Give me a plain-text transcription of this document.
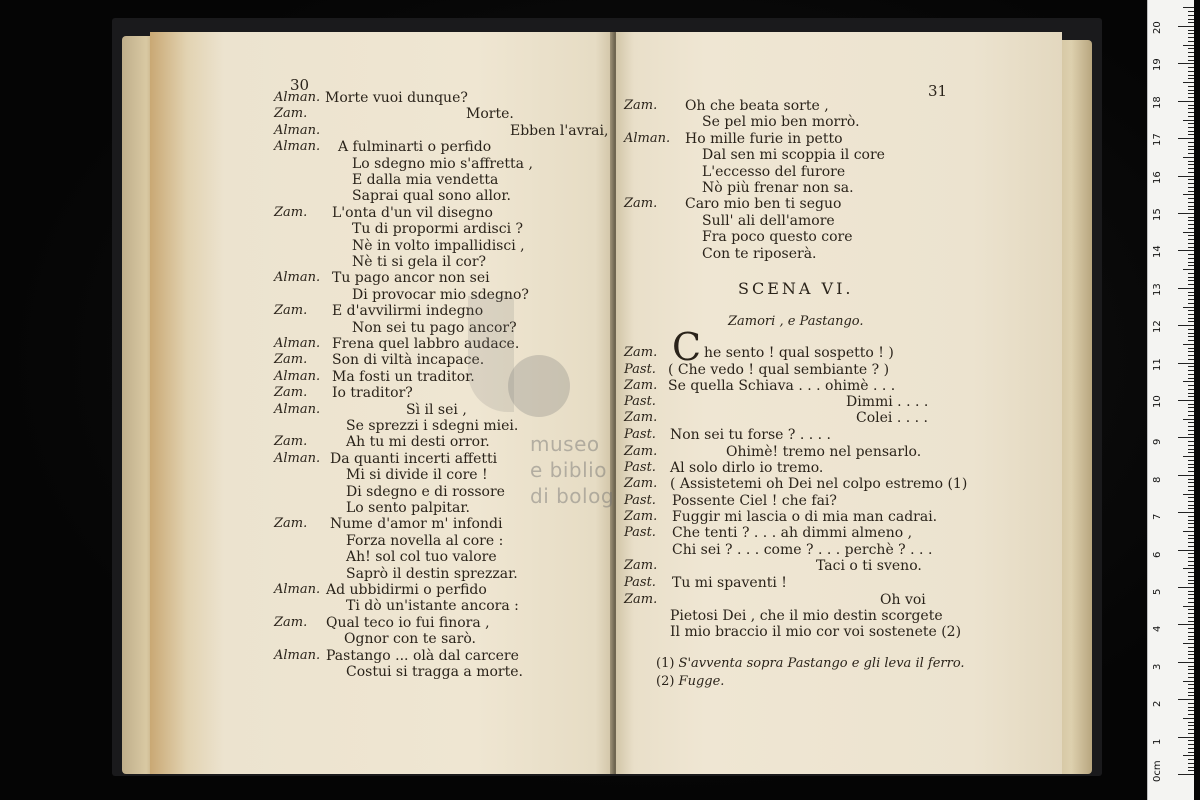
30
Alman. Morte vuoi dunque?
Zam.	Morte.
Alman.	Ebben l'avrai,
Alman. A fulminarti o perfido
Lo sdegno mio s'affretta ,
E dalla mia vendetta
Saprai qual sono allor.
Zam. L'onta d'un vil disegno
Tu di propormi ardisci ?
Nè in volto impallidisci ,
Nè ti si gela il cor?
Alman. Tu pago ancor non sei
Di provocar mio sdegno?
Zam. E d'avvilirmi indegno
Non sei tu pago ancor?
Alman. Frena quel labbro audace.
Zam. Son di viltà incapace.
Alman. Ma fosti un traditor.
Zam. Io traditor?
Alman.	Sì il sei ,
Se sprezzi i sdegni miei.
Zam.	Ah tu mi desti orror.
Alman. Da quanti incerti affetti
Mi si divide il core !
Di sdegno e di rossore
Lo sento palpitar.
Zam. Nume d'amor m' infondi
Forza novella al core :
Ah! sol col tuo valore
Saprò il destin sprezzar.
Alman. Ad ubbidirmi o perfido
Ti dò un'istante ancora :
Zam. Qual teco io fui finora ,
Ognor con te sarò.
Alman. Pastango ... olà dal carcere
Costui si tragga a morte.
31
Zam. Oh che beata sorte ,
Se pel mio ben morrò.
Alman. Ho mille furie in petto
Dal sen mi scoppia il core
L'eccesso del furore
Nò più frenar non sa.
Zam. Caro mio ben ti seguo
Sull' ali dell'amore
Fra poco questo core
Con te riposerà.
SCENA VI.
Zamori , e Pastango.
C
Zam.	he sento ! qual sospetto ! )
Past. ( Che vedo ! qual sembiante ? )
Zam. Se quella Schiava . . . ohimè . . .
Past.	Dimmi . . . .
Zam.	Colei . . . .
Past. Non sei tu forse ? . . . .
Zam.	Ohimè! tremo nel pensarlo.
Past. Al solo dirlo io tremo.
Zam. ( Assistetemi oh Dei nel colpo estremo (1)
Past. Possente Ciel ! che fai?
Zam. Fuggir mi lascia o di mia man cadrai.
Past. Che tenti ? . . . ah dimmi almeno ,
Chi sei ? . . . come ? . . . perchè ? . . .
Zam.	Taci o ti sveno.
Past. Tu mi spaventi !
Zam.	Oh voi
Pietosi Dei , che il mio destin scorgete
Il mio braccio il mio cor voi sostenete (2)
(1) S'avventa sopra Pastango e gli leva il ferro.
(2) Fugge.
museo
e biblio
di bolog
0cm
1
2
3
4
5
6
7
8
9
10
11
12
13
14
15
16
17
18
19
20
